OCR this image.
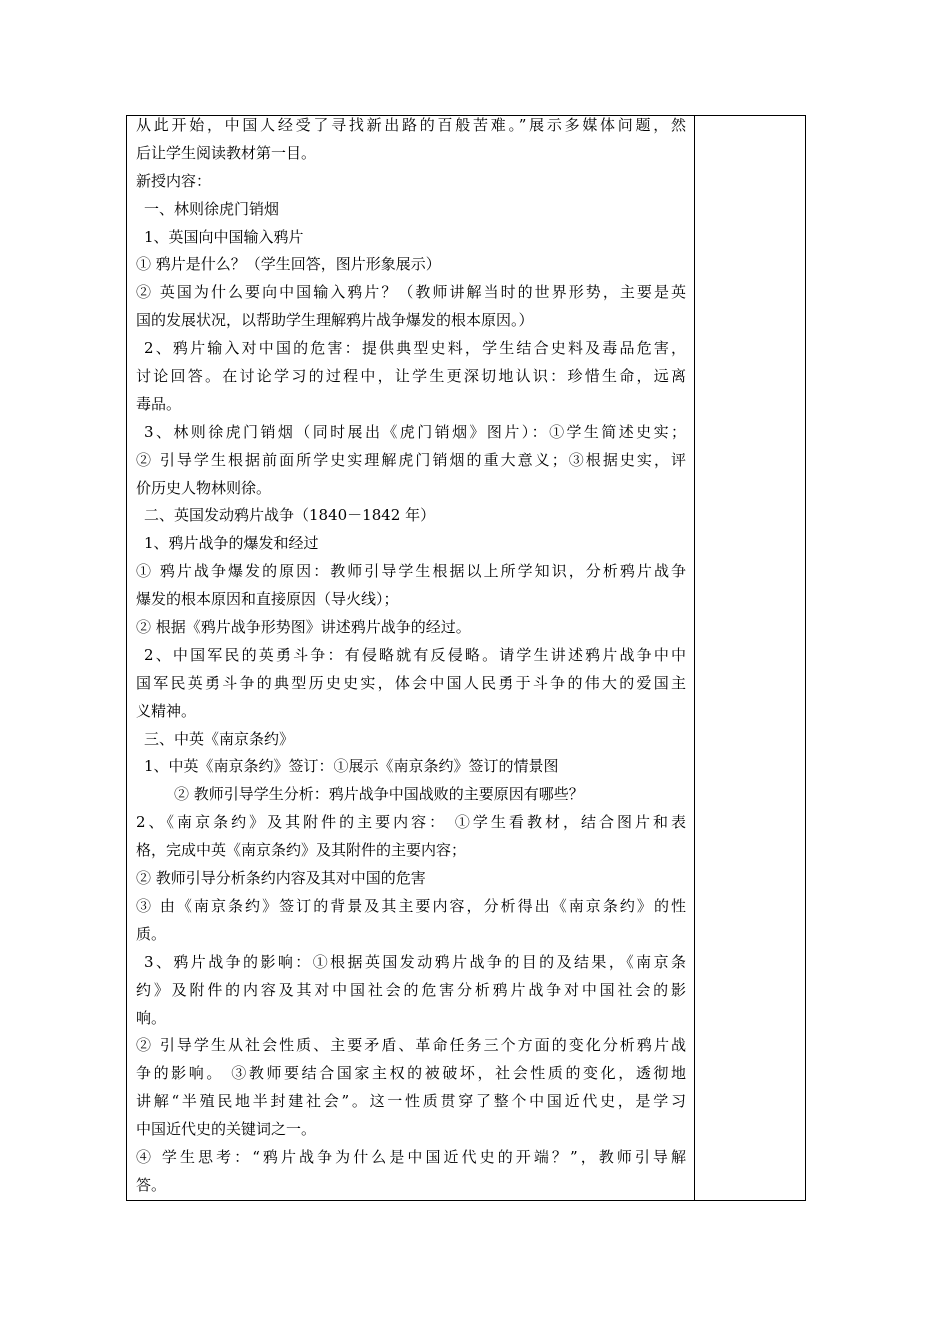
从此开始，中国人经受了寻找新出路的百般苦难。”展示多媒体问题，然
后让学生阅读教材第一目。
新授内容：
一、林则徐虎门销烟
1、英国向中国输入鸦片
① 鸦片是什么？（学生回答，图片形象展示）
② 英国为什么要向中国输入鸦片？（教师讲解当时的世界形势，主要是英
国的发展状况，以帮助学生理解鸦片战争爆发的根本原因。）
2、鸦片输入对中国的危害：提供典型史料，学生结合史料及毒品危害，
讨论回答。在讨论学习的过程中，让学生更深切地认识：珍惜生命，远离
毒品。
3、林则徐虎门销烟（同时展出《虎门销烟》图片）：①学生简述史实；
② 引导学生根据前面所学史实理解虎门销烟的重大意义；③根据史实，评
价历史人物林则徐。
二、英国发动鸦片战争（1840－1842 年）
1、鸦片战争的爆发和经过
① 鸦片战争爆发的原因：教师引导学生根据以上所学知识，分析鸦片战争
爆发的根本原因和直接原因（导火线）；
② 根据《鸦片战争形势图》讲述鸦片战争的经过。
2、中国军民的英勇斗争：有侵略就有反侵略。请学生讲述鸦片战争中中
国军民英勇斗争的典型历史史实，体会中国人民勇于斗争的伟大的爱国主
义精神。
三、中英《南京条约》
1、中英《南京条约》签订：①展示《南京条约》签订的情景图
② 教师引导学生分析：鸦片战争中国战败的主要原因有哪些？
2、《南京条约》及其附件的主要内容： ①学生看教材，结合图片和表
格，完成中英《南京条约》及其附件的主要内容；
② 教师引导分析条约内容及其对中国的危害
③ 由《南京条约》签订的背景及其主要内容，分析得出《南京条约》的性
质。
3、鸦片战争的影响：①根据英国发动鸦片战争的目的及结果，《南京条
约》及附件的内容及其对中国社会的危害分析鸦片战争对中国社会的影
响。
② 引导学生从社会性质、主要矛盾、革命任务三个方面的变化分析鸦片战
争的影响。 ③教师要结合国家主权的被破坏，社会性质的变化，透彻地
讲解“半殖民地半封建社会”。这一性质贯穿了整个中国近代史，是学习
中国近代史的关键词之一。
④ 学生思考：“鸦片战争为什么是中国近代史的开端？”，教师引导解
答。
